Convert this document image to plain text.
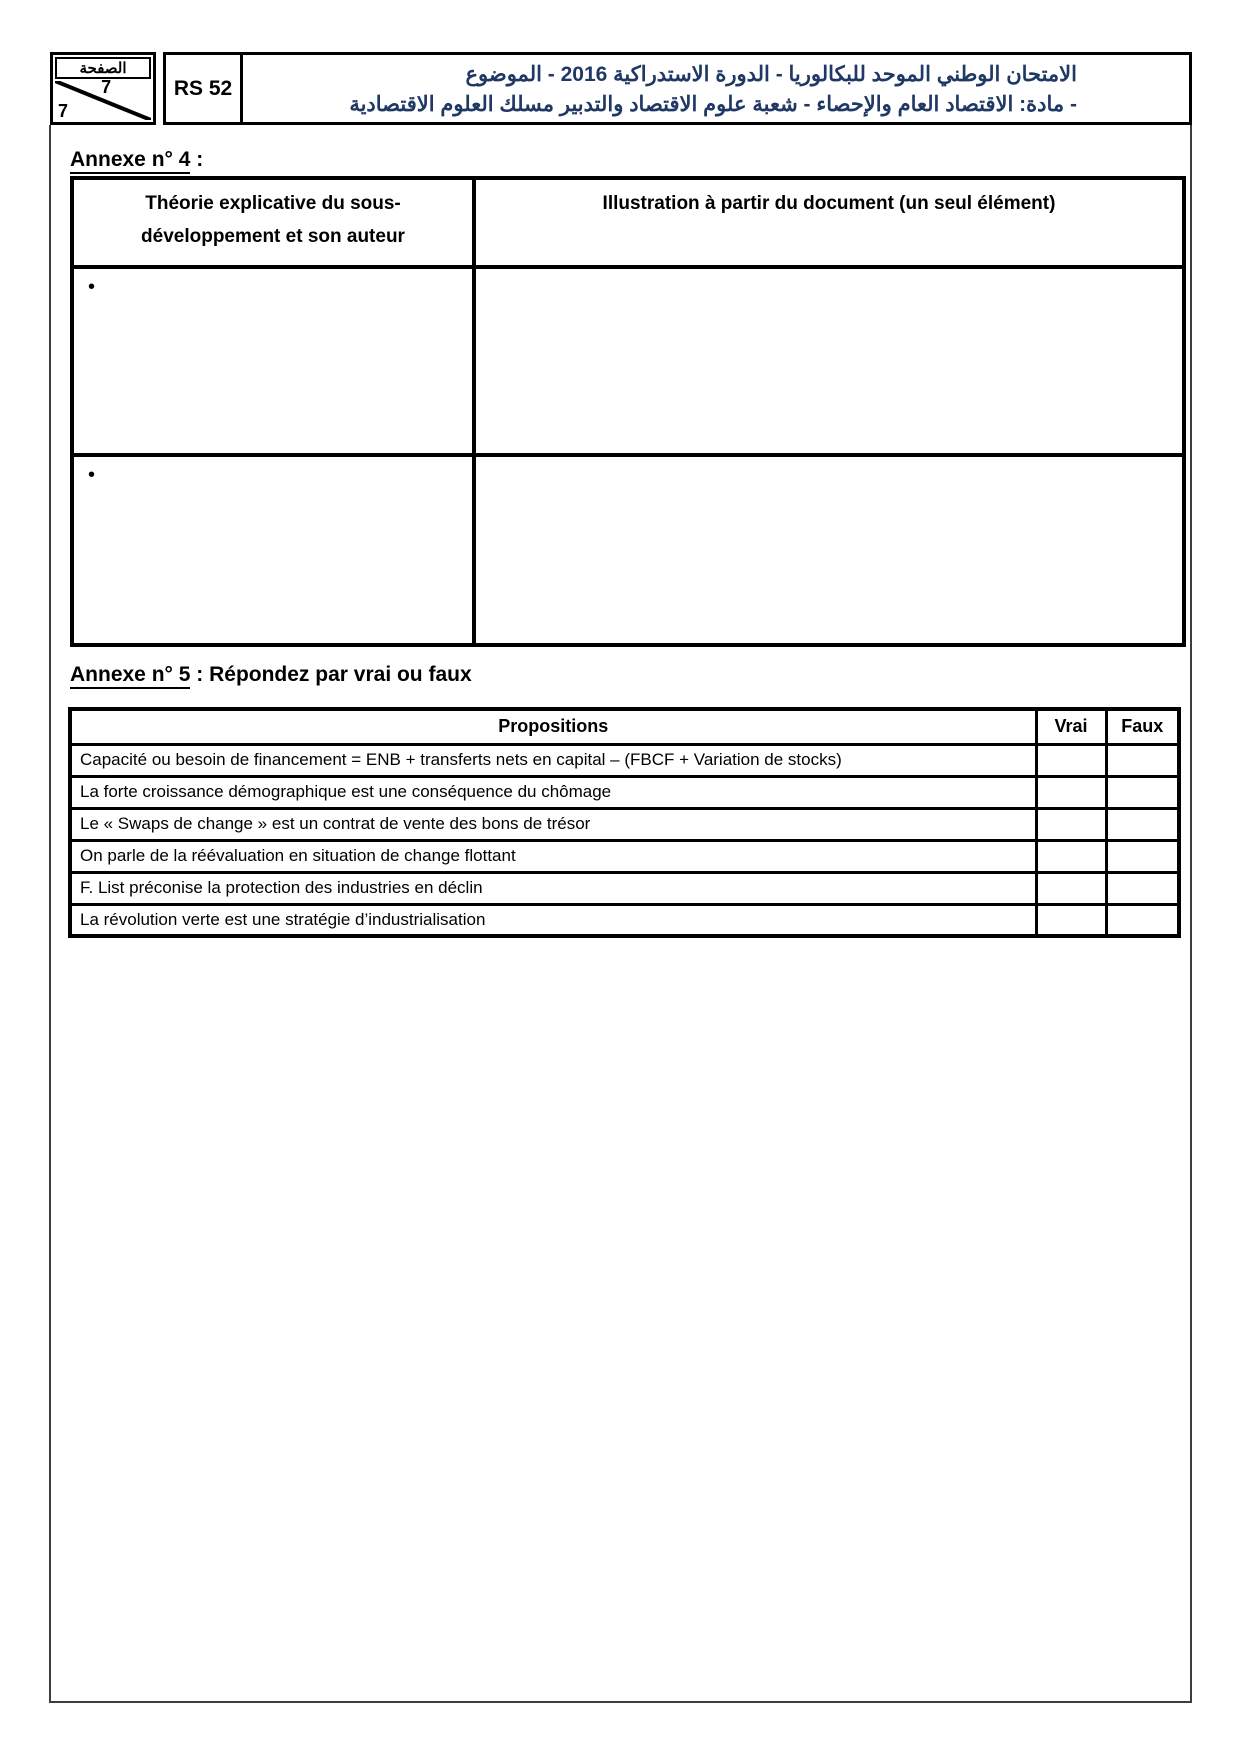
الصفحة
7
7
RS 52
الامتحان الوطني الموحد للبكالوريا - الدورة الاستدراكية 2016 - الموضوع
- مادة: الاقتصاد العام والإحصاء - شعبة علوم الاقتصاد والتدبير مسلك العلوم الاقتصادية
Annexe n° 4 :
Théorie explicative du sous-développement et son auteur	Illustration à partir du document (un seul élément)
•	
•	
Annexe n° 5 : Répondez par vrai ou faux
Propositions	Vrai	Faux
Capacité ou besoin de financement = ENB + transferts nets en capital – (FBCF + Variation de stocks)		
La forte croissance démographique est une conséquence du chômage		
Le « Swaps de change » est un contrat de vente des bons de trésor		
On parle de la réévaluation en situation de change flottant		
F. List préconise la protection des industries en déclin		
La révolution verte est une stratégie d’industrialisation		
